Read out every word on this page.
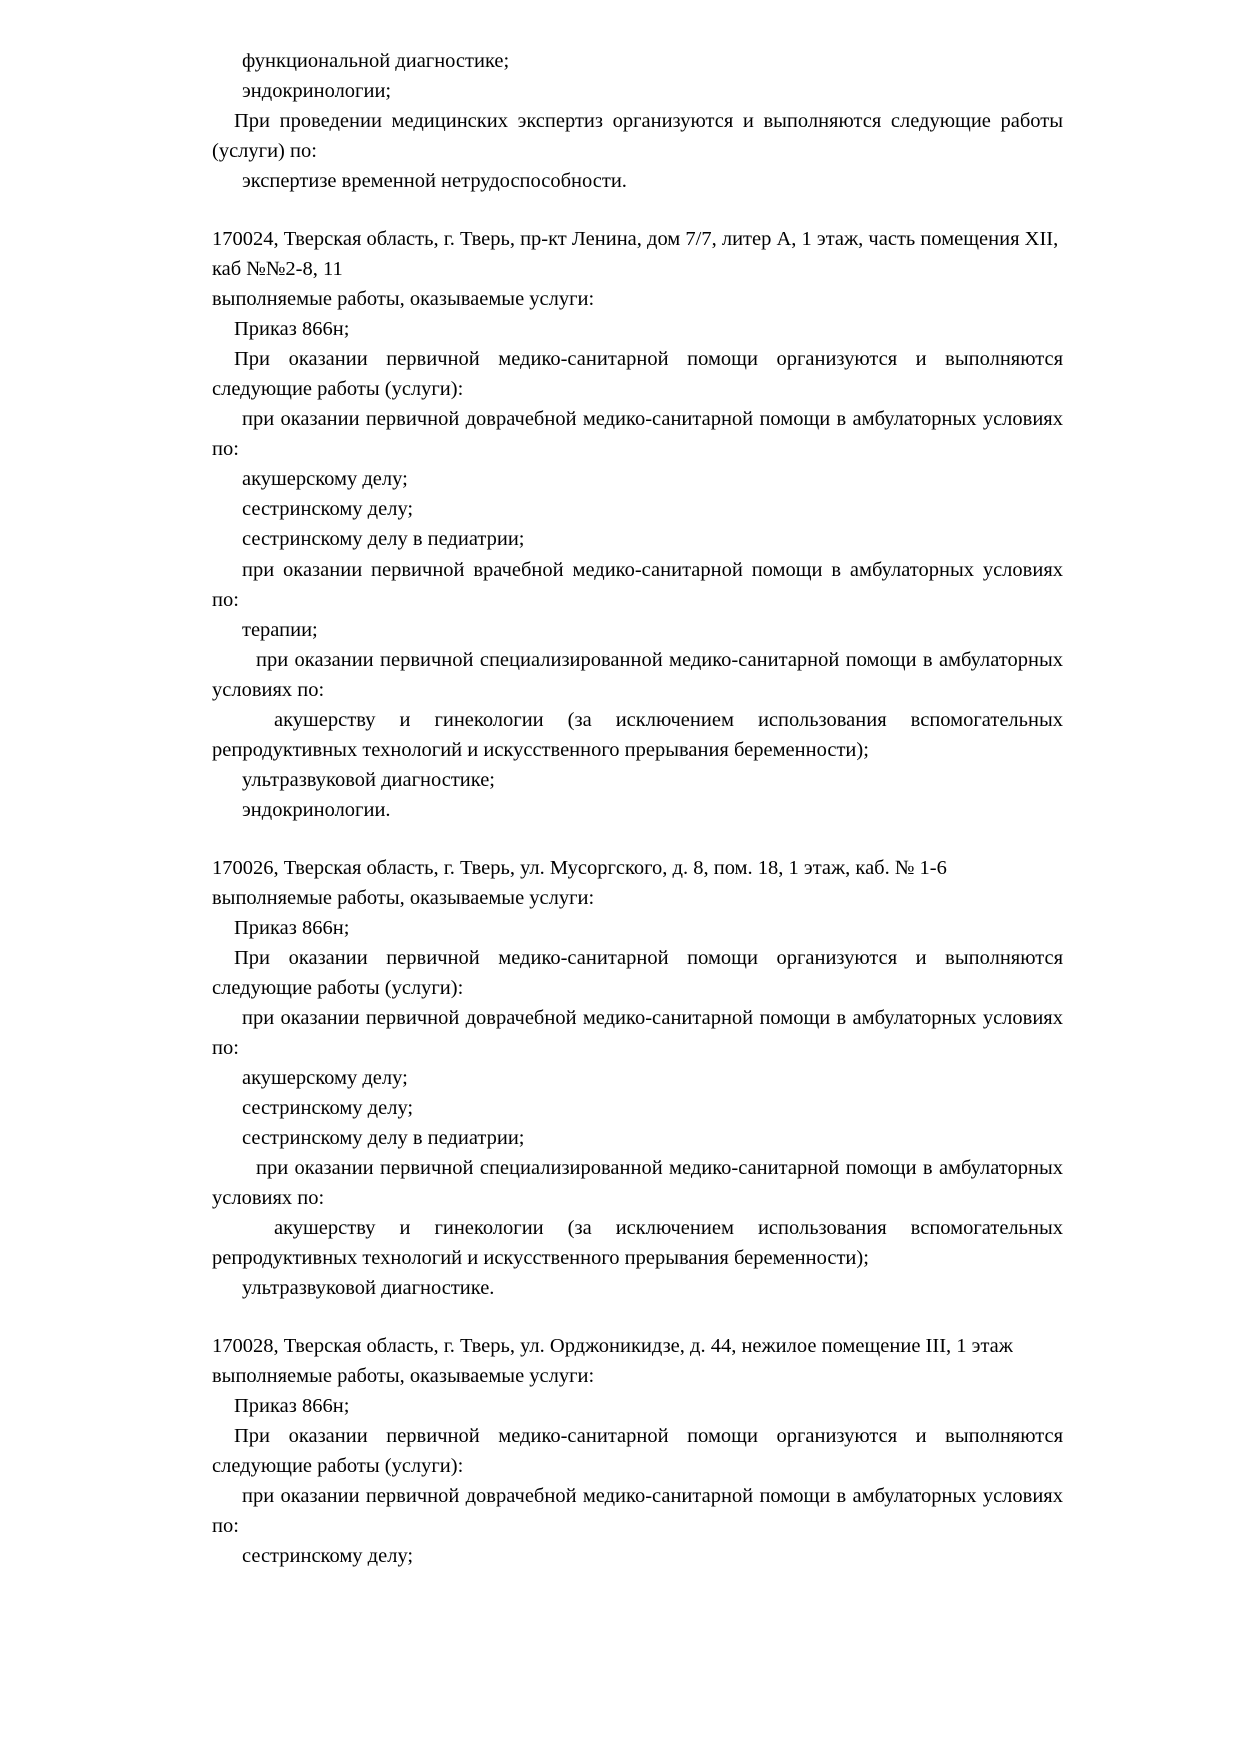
функциональной диагностике;

эндокринологии;

При проведении медицинских экспертиз организуются и выполняются следующие работы (услуги) по:

экспертизе временной нетрудоспособности.

170024, Тверская область, г. Тверь, пр-кт Ленина, дом 7/7, литер А, 1 этаж, часть помещения XII, каб №№2-8, 11

выполняемые работы, оказываемые услуги:

Приказ 866н;

При оказании первичной медико-санитарной помощи организуются и выполняются следующие работы (услуги):

при оказании первичной доврачебной медико-санитарной помощи в амбулаторных условиях по:

акушерскому делу;

сестринскому делу;

сестринскому делу в педиатрии;

при оказании первичной врачебной медико-санитарной помощи в амбулаторных условиях по:

терапии;

при оказании первичной специализированной медико-санитарной помощи в амбулаторных условиях по:

акушерству и гинекологии (за исключением использования вспомогательных репродуктивных технологий и искусственного прерывания беременности);

ультразвуковой диагностике;

эндокринологии.

170026, Тверская область, г. Тверь, ул. Мусоргского, д. 8, пом. 18, 1 этаж, каб. № 1-6

выполняемые работы, оказываемые услуги:

Приказ 866н;

При оказании первичной медико-санитарной помощи организуются и выполняются следующие работы (услуги):

при оказании первичной доврачебной медико-санитарной помощи в амбулаторных условиях по:

акушерскому делу;

сестринскому делу;

сестринскому делу в педиатрии;

при оказании первичной специализированной медико-санитарной помощи в амбулаторных условиях по:

акушерству и гинекологии (за исключением использования вспомогательных репродуктивных технологий и искусственного прерывания беременности);

ультразвуковой диагностике.

170028, Тверская область, г. Тверь, ул. Орджоникидзе, д. 44, нежилое помещение III, 1 этаж

выполняемые работы, оказываемые услуги:

Приказ 866н;

При оказании первичной медико-санитарной помощи организуются и выполняются следующие работы (услуги):

при оказании первичной доврачебной медико-санитарной помощи в амбулаторных условиях по:

сестринскому делу;
